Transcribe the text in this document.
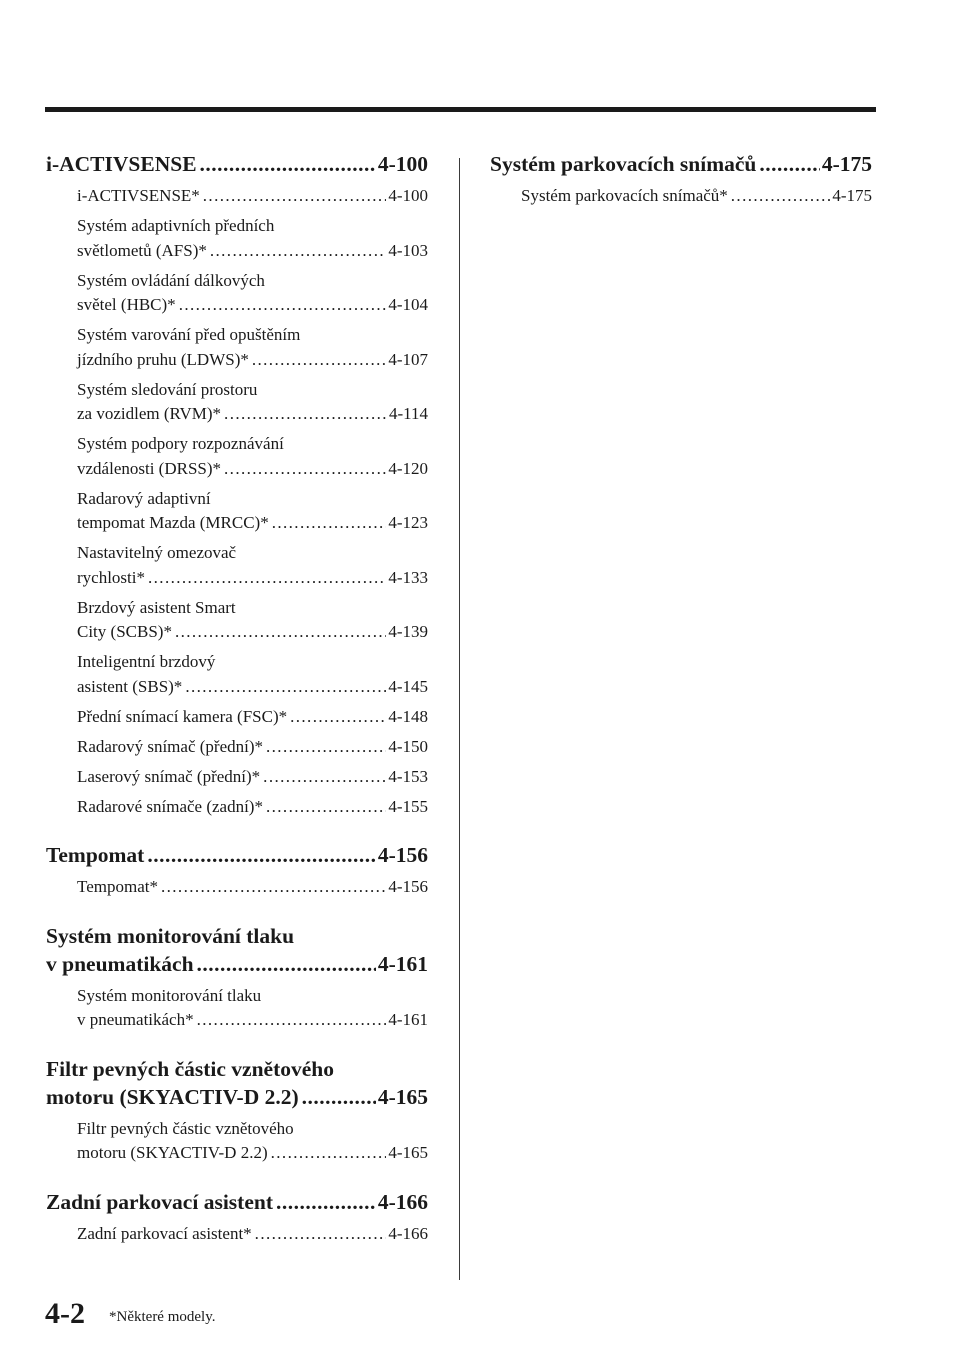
i-ACTIVSENSE .....	4-100
i-ACTIVSENSE* .....	4-100
Systém adaptivních předních
světlometů (AFS)* .....	4-103
Systém ovládání dálkových
světel (HBC)* .....	4-104
Systém varování před opuštěním
jízdního pruhu (LDWS)* .....	4-107
Systém sledování prostoru
za vozidlem (RVM)* .....	4-114
Systém podpory rozpoznávání
vzdálenosti (DRSS)* .....	4-120
Radarový adaptivní
tempomat Mazda (MRCC)* .....	4-123
Nastavitelný omezovač
rychlosti* .....	4-133
Brzdový asistent Smart
City (SCBS)* .....	4-139
Inteligentní brzdový
asistent (SBS)* .....	4-145
Přední snímací kamera (FSC)* .....	4-148
Radarový snímač (přední)* .....	4-150
Laserový snímač (přední)* .....	4-153
Radarové snímače (zadní)* .....	4-155
Tempomat .....	4-156
Tempomat* .....	4-156
Systém monitorování tlaku
v pneumatikách .....	4-161
Systém monitorování tlaku
v pneumatikách* .....	4-161
Filtr pevných částic vznětového
motoru (SKYACTIV-D 2.2) .....	4-165
Filtr pevných částic vznětového
motoru (SKYACTIV-D 2.2) .....	4-165
Zadní parkovací asistent .....	4-166
Zadní parkovací asistent* .....	4-166
Systém parkovacích snímačů .....	4-175
Systém parkovacích snímačů* .....	4-175
4-2 *Některé modely.
